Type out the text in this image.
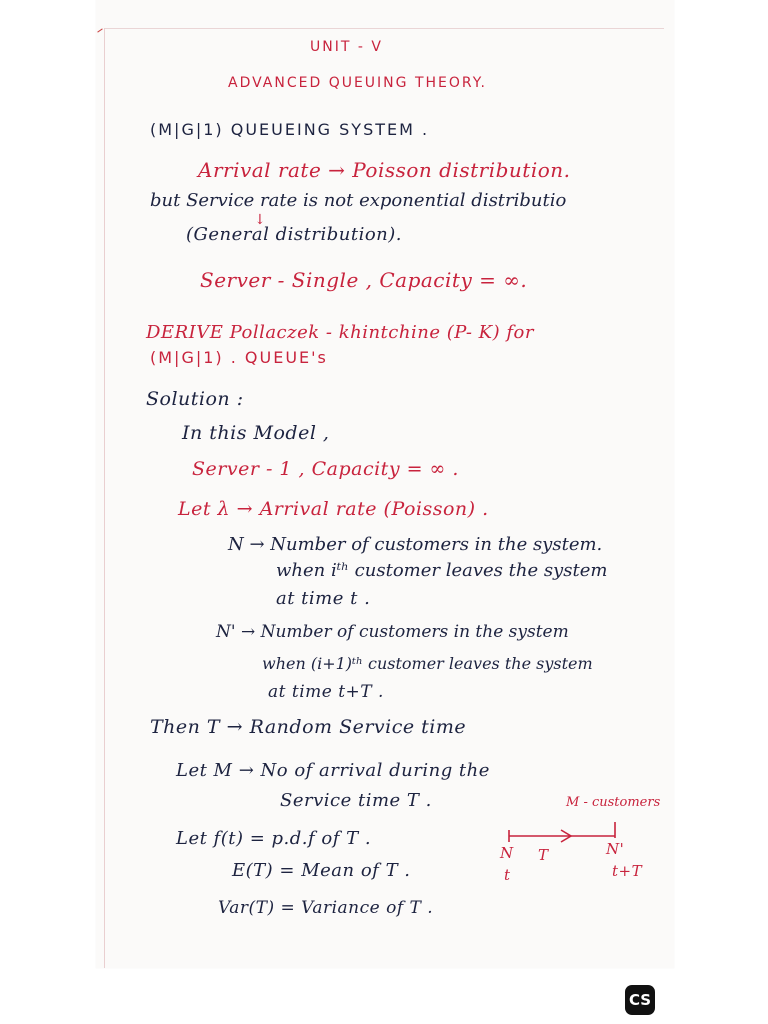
UNIT - V
ADVANCED QUEUING THEORY.
(M|G|1) QUEUEING SYSTEM .
Arrival rate → Poisson distribution.
but Service rate is not exponential distributio
↓
(General distribution).
Server - Single , Capacity = ∞.
DERIVE Pollaczek - khintchine (P- K) for
(M|G|1) . QUEUE's
Solution :
In this Model ,
Server - 1 , Capacity = ∞ .
Let λ → Arrival rate (Poisson) .
N → Number of customers in the system.
when iᵗʰ customer leaves the system
at time t .
N' → Number of customers in the system
when (i+1)ᵗʰ customer leaves the system
at time t+T .
Then T → Random Service time
Let M → No of arrival during the
Service time T .
Let f(t) = p.d.f of T .
E(T) = Mean of T .
Var(T) = Variance of T .
M - customers
N T	N'
t	t+T
CS
